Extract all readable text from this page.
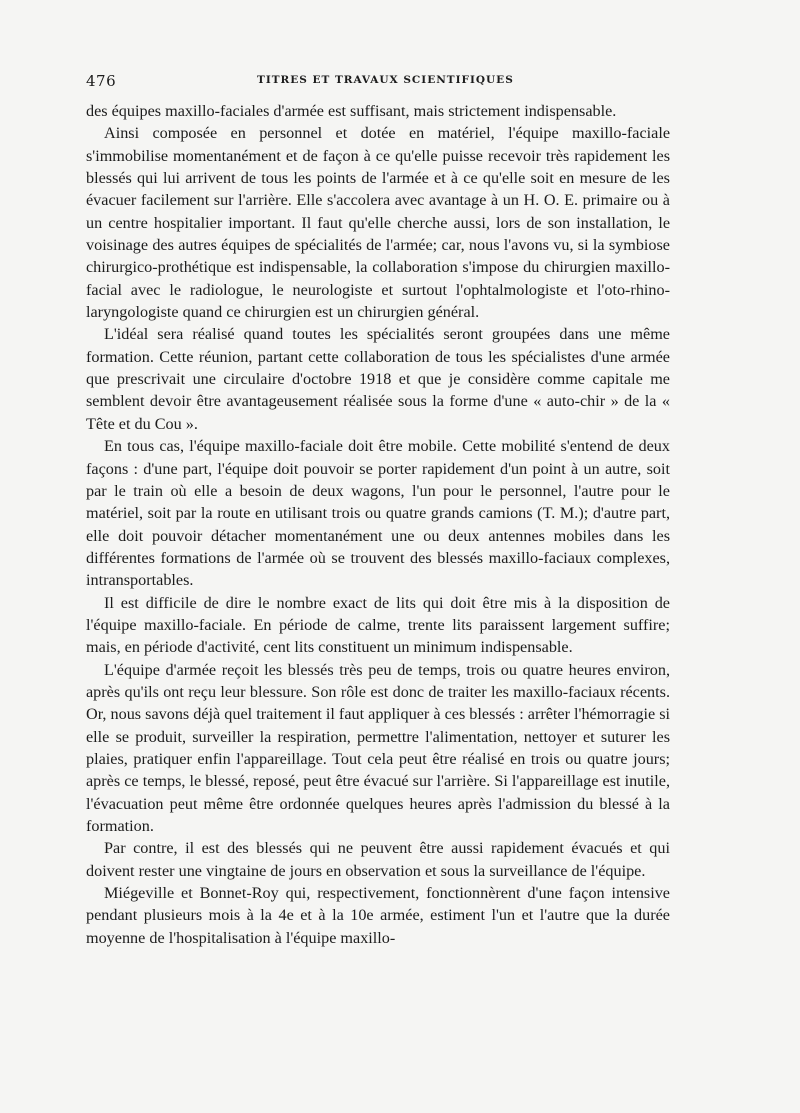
476	TITRES ET TRAVAUX SCIENTIFIQUES

des équipes maxillo-faciales d'armée est suffisant, mais strictement indispensable.

Ainsi composée en personnel et dotée en matériel, l'équipe maxillo-faciale s'immobilise momentanément et de façon à ce qu'elle puisse recevoir très rapidement les blessés qui lui arrivent de tous les points de l'armée et à ce qu'elle soit en mesure de les évacuer facilement sur l'arrière. Elle s'accolera avec avantage à un H. O. E. primaire ou à un centre hospitalier important. Il faut qu'elle cherche aussi, lors de son installation, le voisinage des autres équipes de spécialités de l'armée; car, nous l'avons vu, si la symbiose chirurgico-prothétique est indispensable, la collaboration s'impose du chirurgien maxillo-facial avec le radiologue, le neurologiste et surtout l'ophtalmologiste et l'oto-rhino-laryngologiste quand ce chirurgien est un chirurgien général.

L'idéal sera réalisé quand toutes les spécialités seront groupées dans une même formation. Cette réunion, partant cette collaboration de tous les spécialistes d'une armée que prescrivait une circulaire d'octobre 1918 et que je considère comme capitale me semblent devoir être avantageusement réalisée sous la forme d'une « auto-chir » de la « Tête et du Cou ».

En tous cas, l'équipe maxillo-faciale doit être mobile. Cette mobilité s'entend de deux façons : d'une part, l'équipe doit pouvoir se porter rapidement d'un point à un autre, soit par le train où elle a besoin de deux wagons, l'un pour le personnel, l'autre pour le matériel, soit par la route en utilisant trois ou quatre grands camions (T. M.); d'autre part, elle doit pouvoir détacher momentanément une ou deux antennes mobiles dans les différentes formations de l'armée où se trouvent des blessés maxillo-faciaux complexes, intransportables.

Il est difficile de dire le nombre exact de lits qui doit être mis à la disposition de l'équipe maxillo-faciale. En période de calme, trente lits paraissent largement suffire; mais, en période d'activité, cent lits constituent un minimum indispensable.

L'équipe d'armée reçoit les blessés très peu de temps, trois ou quatre heures environ, après qu'ils ont reçu leur blessure. Son rôle est donc de traiter les maxillo-faciaux récents. Or, nous savons déjà quel traitement il faut appliquer à ces blessés : arrêter l'hémorragie si elle se produit, surveiller la respiration, permettre l'alimentation, nettoyer et suturer les plaies, pratiquer enfin l'appareillage. Tout cela peut être réalisé en trois ou quatre jours; après ce temps, le blessé, reposé, peut être évacué sur l'arrière. Si l'appareillage est inutile, l'évacuation peut même être ordonnée quelques heures après l'admission du blessé à la formation.

Par contre, il est des blessés qui ne peuvent être aussi rapidement évacués et qui doivent rester une vingtaine de jours en observation et sous la surveillance de l'équipe.

Miégeville et Bonnet-Roy qui, respectivement, fonctionnèrent d'une façon intensive pendant plusieurs mois à la 4e et à la 10e armée, estiment l'un et l'autre que la durée moyenne de l'hospitalisation à l'équipe maxillo-
